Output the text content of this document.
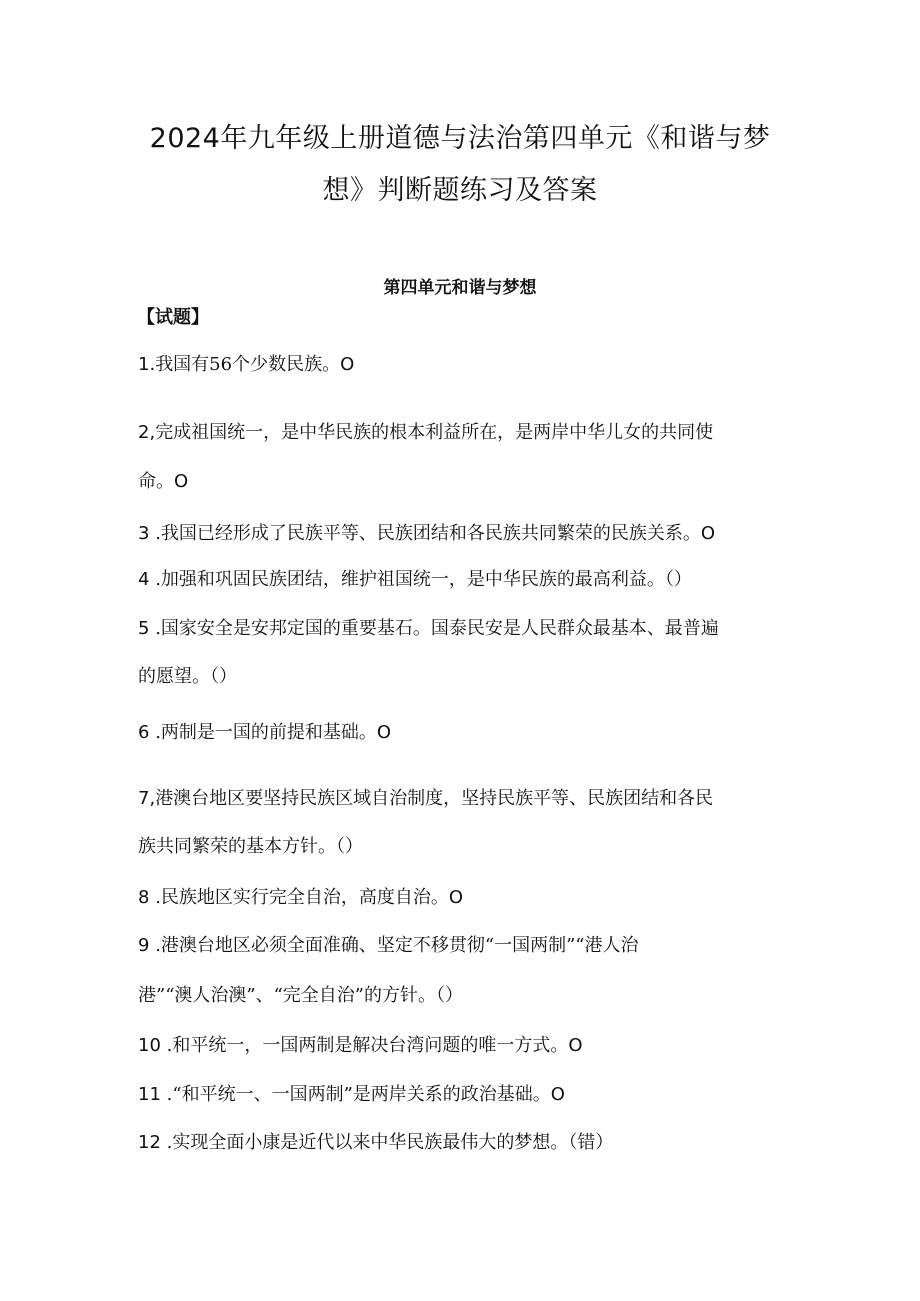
2024年九年级上册道德与法治第四单元《和谐与梦
想》判断题练习及答案
第四单元和谐与梦想
【试题】
1.我国有56个少数民族。O
2,完成祖国统一，是中华民族的根本利益所在，是两岸中华儿女的共同使
命。O
3 .我国已经形成了民族平等、民族团结和各民族共同繁荣的民族关系。O
4 .加强和巩固民族团结，维护祖国统一，是中华民族的最高利益。（）
5 .国家安全是安邦定国的重要基石。国泰民安是人民群众最基本、最普遍
的愿望。（）
6 .两制是一国的前提和基础。O
7,港澳台地区要坚持民族区域自治制度，坚持民族平等、民族团结和各民
族共同繁荣的基本方针。（）
8 .民族地区实行完全自治，高度自治。O
9 .港澳台地区必须全面准确、坚定不移贯彻“一国两制”“港人治
港”“澳人治澳”、“完全自治”的方针。（）
10 .和平统一，一国两制是解决台湾问题的唯一方式。O
11 .“和平统一、一国两制”是两岸关系的政治基础。O
12 .实现全面小康是近代以来中华民族最伟大的梦想。（错）
